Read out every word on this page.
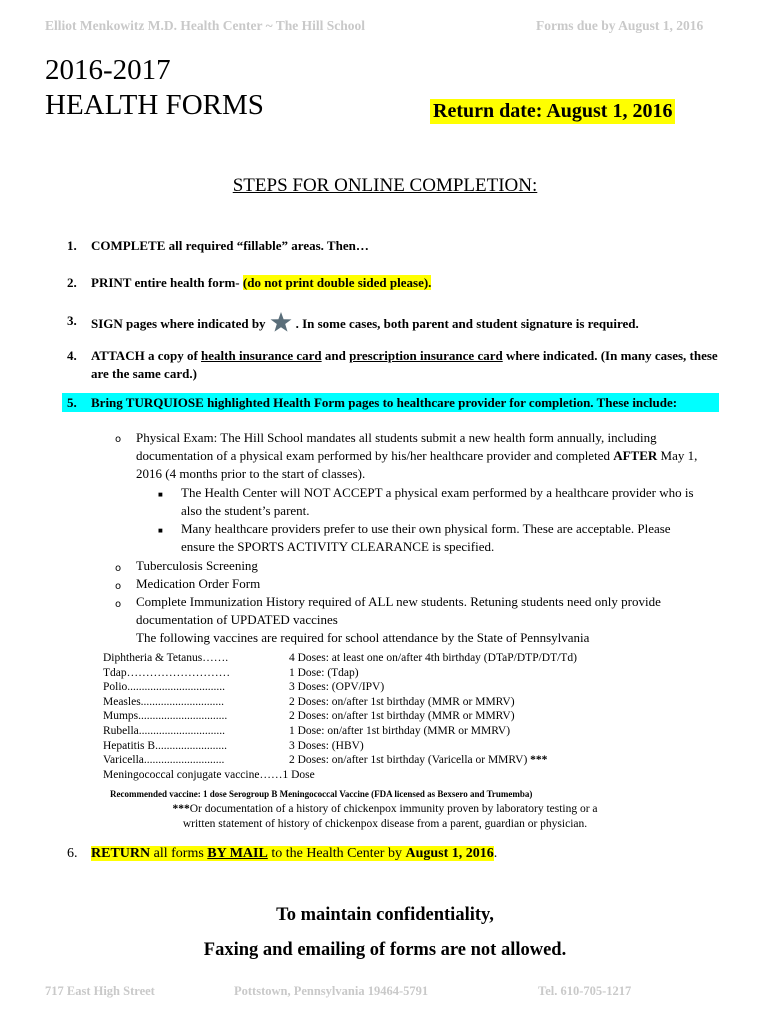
Elliot Menkowitz M.D. Health Center ~ The Hill School	Forms due by August 1, 2016
2016-2017
HEALTH FORMS	Return date: August 1, 2016
STEPS FOR ONLINE COMPLETION:
1. COMPLETE all required “fillable” areas. Then…
2. PRINT entire health form- (do not print double sided please).
3. SIGN pages where indicated by . In some cases, both parent and student signature is required.
4. ATTACH a copy of health insurance card and prescription insurance card where indicated. (In many cases, these are the same card.)
5. Bring TURQUIOSE highlighted Health Form pages to healthcare provider for completion. These include:
o Physical Exam: The Hill School mandates all students submit a new health form annually, including
documentation of a physical exam performed by his/her healthcare provider and completed AFTER May 1,
2016 (4 months prior to the start of classes).
■ The Health Center will NOT ACCEPT a physical exam performed by a healthcare provider who is
also the student’s parent.
■ Many healthcare providers prefer to use their own physical form. These are acceptable. Please
ensure the SPORTS ACTIVITY CLEARANCE is specified.
o Tuberculosis Screening
o Medication Order Form
o Complete Immunization History required of ALL new students. Retuning students need only provide
documentation of UPDATED vaccines
The following vaccines are required for school attendance by the State of Pennsylvania
Diphtheria & Tetanus…….	4 Doses: at least one on/after 4th birthday (DTaP/DTP/DT/Td)
Tdap………………………	1 Dose: (Tdap)
Polio..................................	3 Doses: (OPV/IPV)
Measles.............................	2 Doses: on/after 1st birthday (MMR or MMRV)
Mumps...............................	2 Doses: on/after 1st birthday (MMR or MMRV)
Rubella..............................	1 Dose: on/after 1st birthday (MMR or MMRV)
Hepatitis B.........................	3 Doses: (HBV)
Varicella............................	2 Doses: on/after 1st birthday (Varicella or MMRV)
***
Meningococcal conjugate vaccine……1 Dose
Recommended vaccine: 1 dose Serogroup B Meningococcal Vaccine (FDA licensed as Bexsero and Trumemba)
***Or documentation of a history of chickenpox immunity proven by laboratory testing or a
written statement of history of chickenpox disease from a parent, guardian or physician.
6. RETURN all forms BY MAIL to the Health Center by August 1, 2016.
To maintain confidentiality,
Faxing and emailing of forms are not allowed.
717 East High Street	Pottstown, Pennsylvania 19464-5791	Tel. 610-705-1217
